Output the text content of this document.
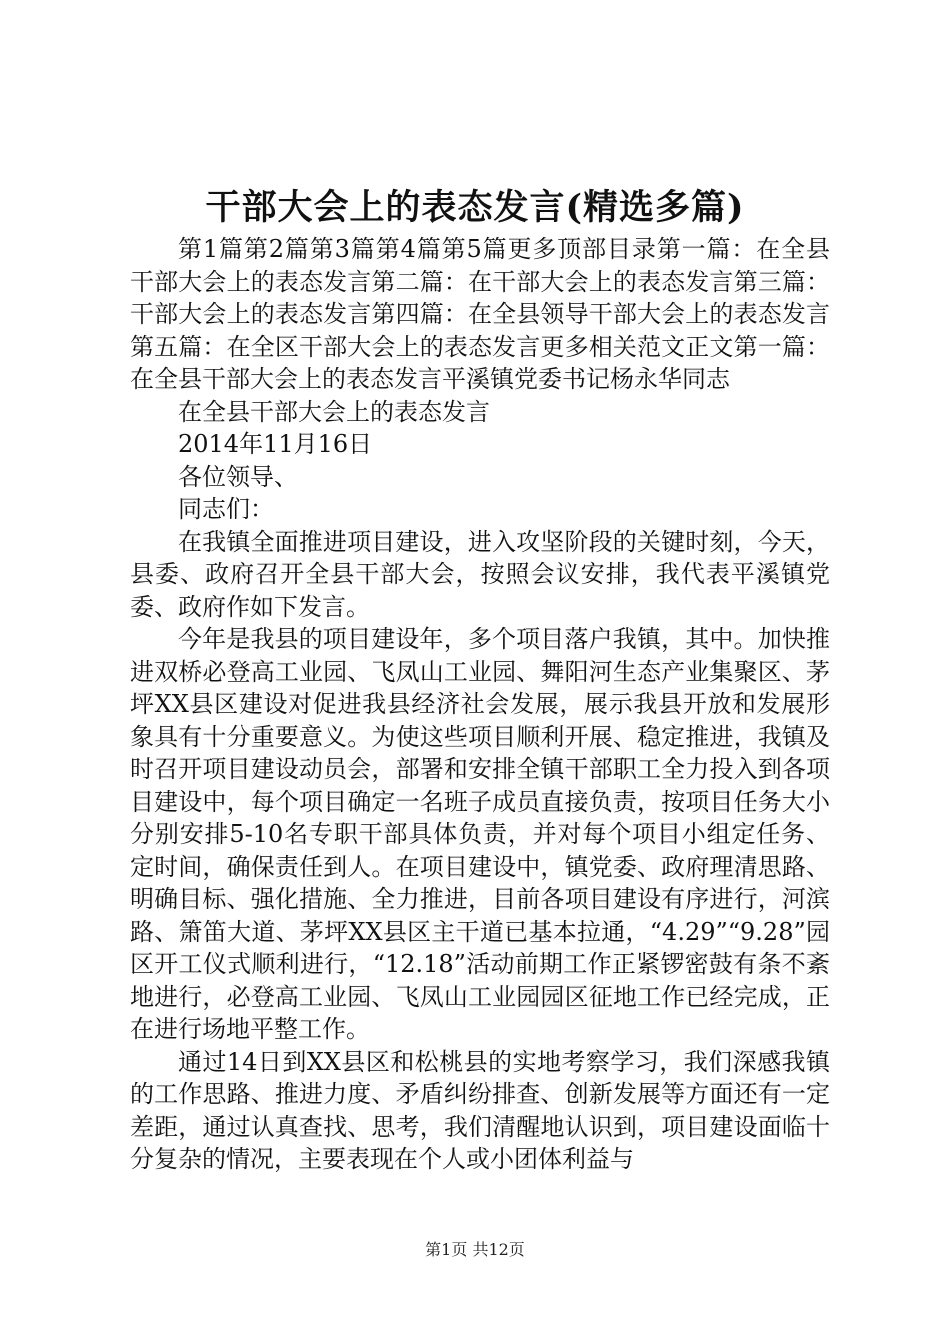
干部大会上的表态发言(精选多篇)

第1篇第2篇第3篇第4篇第5篇更多顶部目录第一篇：在全县干部大会上的表态发言第二篇：在干部大会上的表态发言第三篇：干部大会上的表态发言第四篇：在全县领导干部大会上的表态发言第五篇：在全区干部大会上的表态发言更多相关范文正文第一篇：在全县干部大会上的表态发言平溪镇党委书记杨永华同志

在全县干部大会上的表态发言

2014年11月16日

各位领导、

同志们：

在我镇全面推进项目建设，进入攻坚阶段的关键时刻，今天，县委、政府召开全县干部大会，按照会议安排，我代表平溪镇党委、政府作如下发言。

今年是我县的项目建设年，多个项目落户我镇，其中。加快推进双桥必登高工业园、飞凤山工业园、舞阳河生态产业集聚区、茅坪XX县区建设对促进我县经济社会发展，展示我县开放和发展形象具有十分重要意义。为使这些项目顺利开展、稳定推进，我镇及时召开项目建设动员会，部署和安排全镇干部职工全力投入到各项目建设中，每个项目确定一名班子成员直接负责，按项目任务大小分别安排5-10名专职干部具体负责，并对每个项目小组定任务、定时间，确保责任到人。在项目建设中，镇党委、政府理清思路、明确目标、强化措施、全力推进，目前各项目建设有序进行，河滨路、箫笛大道、茅坪XX县区主干道已基本拉通，“4.29”“9.28”园区开工仪式顺利进行，“12.18”活动前期工作正紧锣密鼓有条不紊地进行，必登高工业园、飞凤山工业园园区征地工作已经完成，正在进行场地平整工作。

通过14日到XX县区和松桃县的实地考察学习，我们深感我镇的工作思路、推进力度、矛盾纠纷排查、创新发展等方面还有一定差距，通过认真查找、思考，我们清醒地认识到，项目建设面临十分复杂的情况，主要表现在个人或小团体利益与

第1页 共12页
